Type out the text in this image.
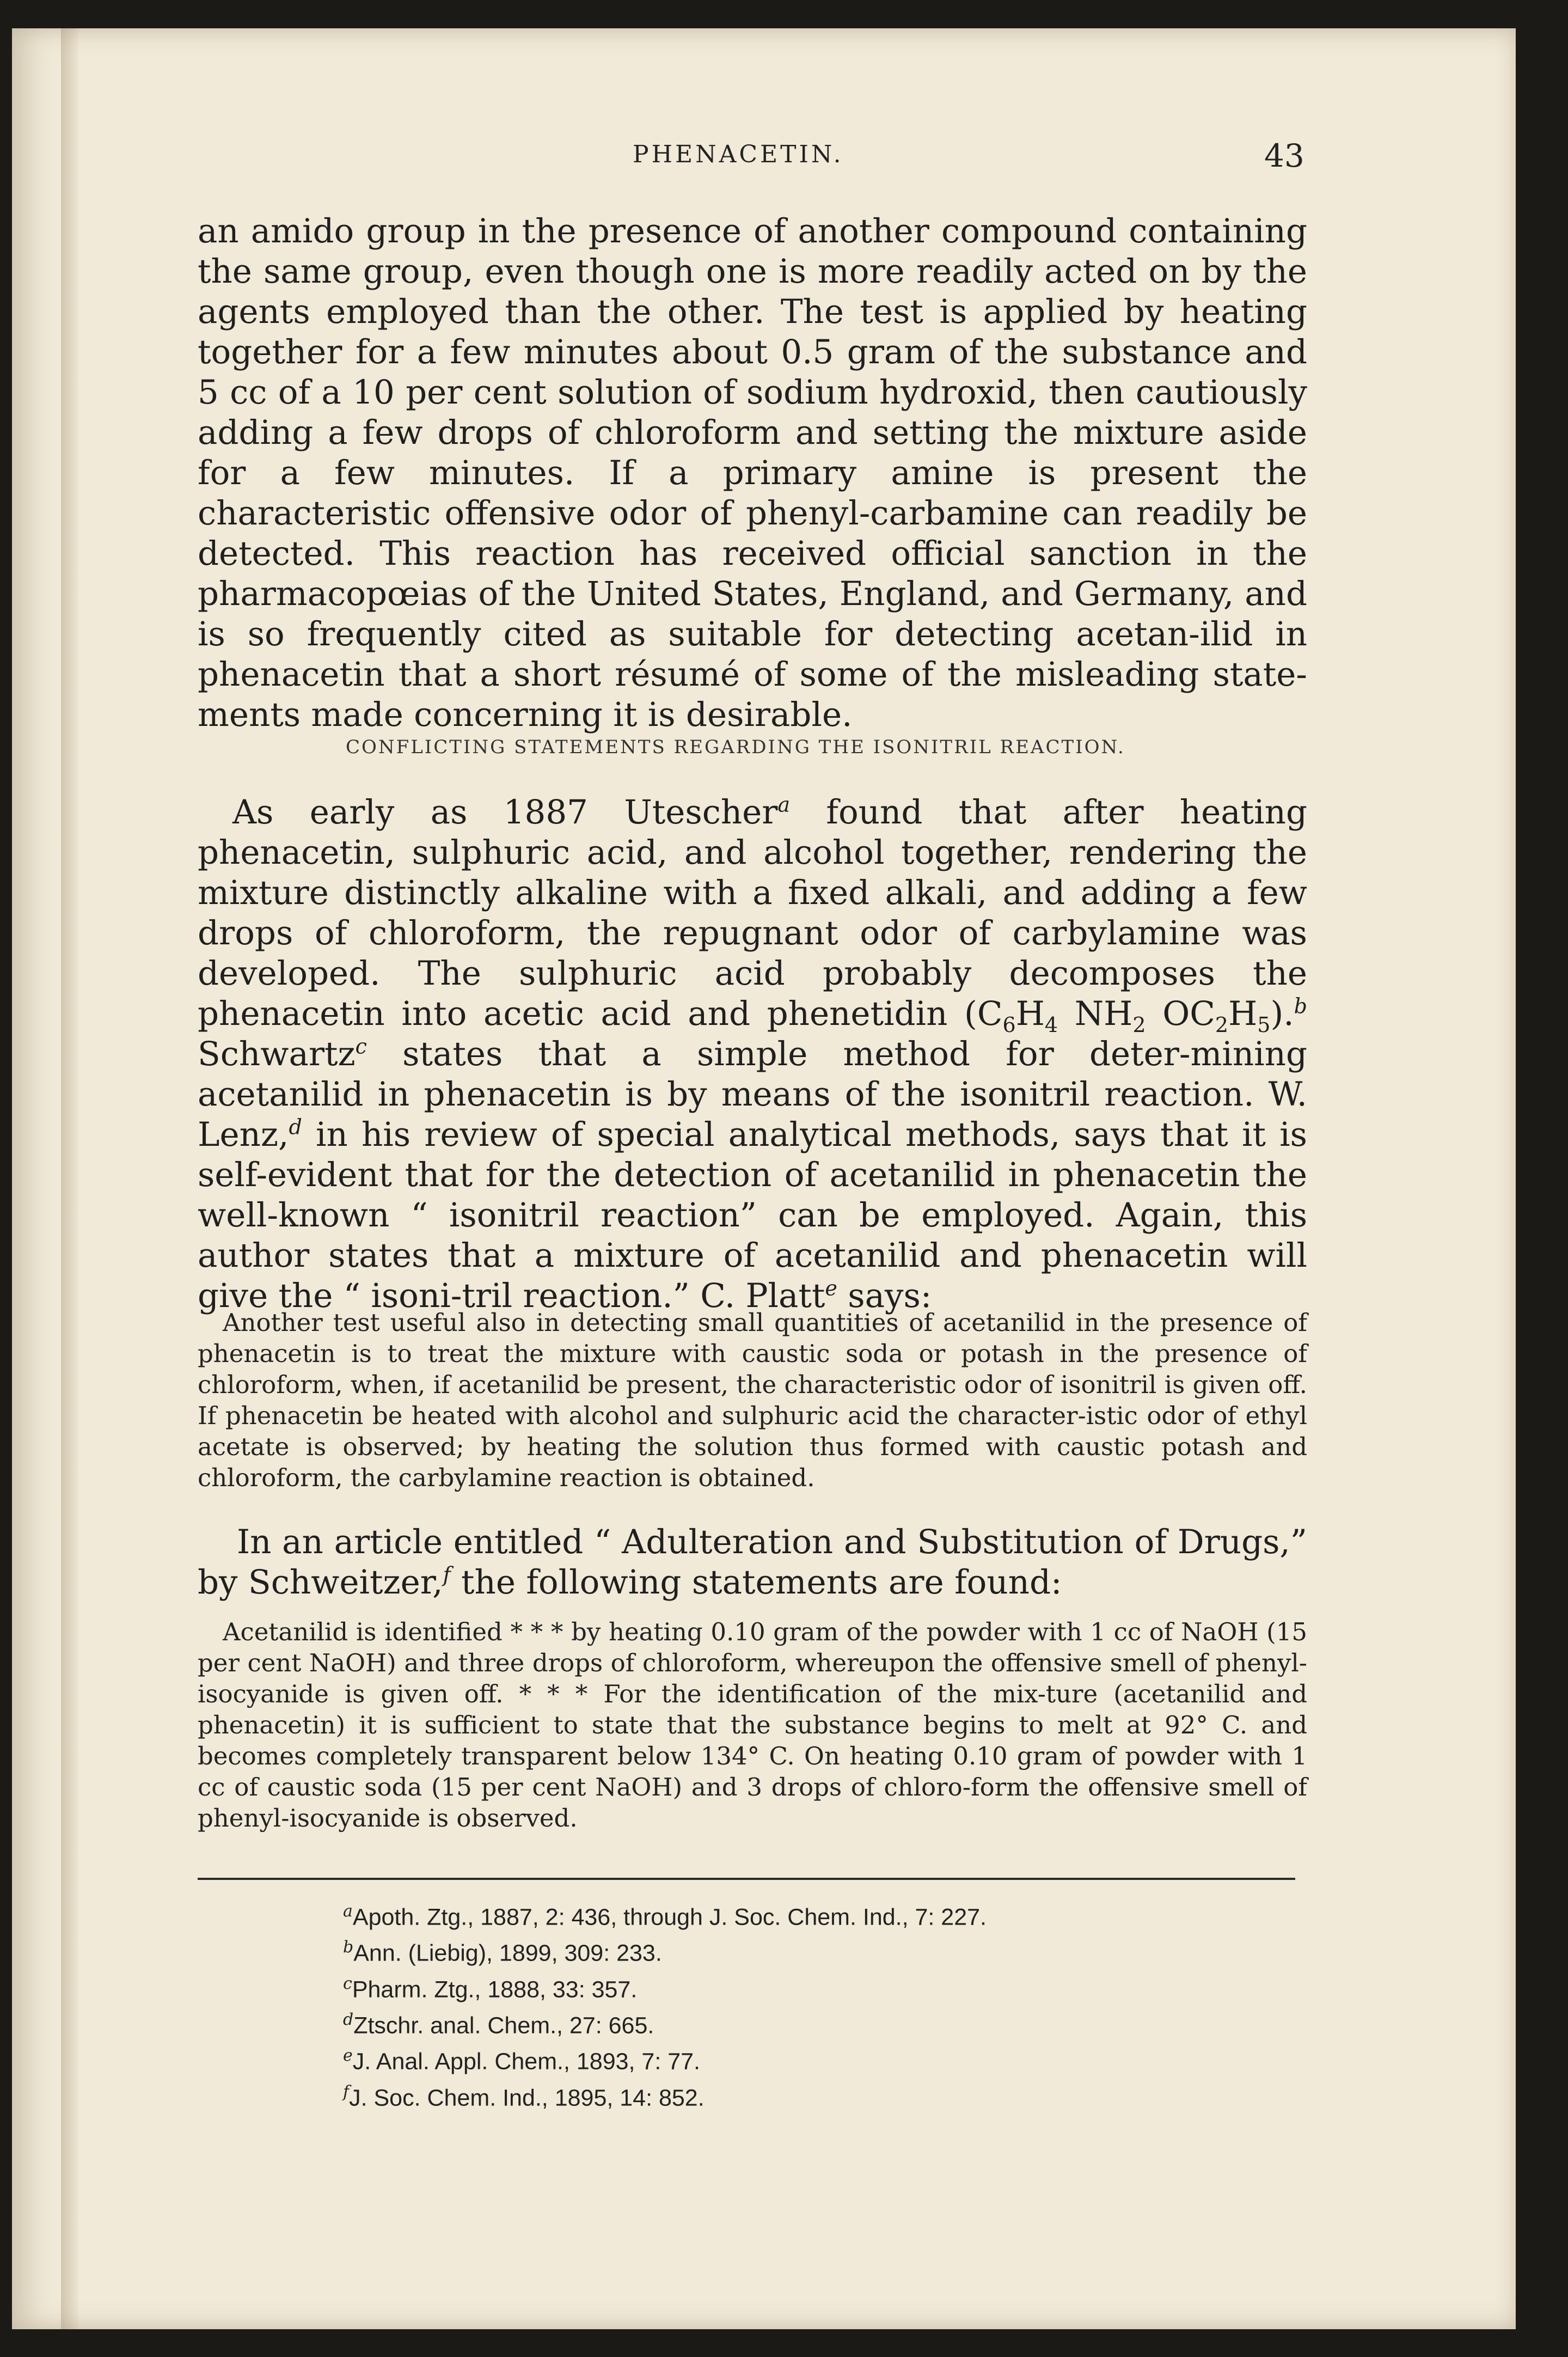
PHENACETIN.	43

an amido group in the presence of another compound containing the same group, even though one is more readily acted on by the agents employed than the other. The test is applied by heating together for a few minutes about 0.5 gram of the substance and 5 cc of a 10 per cent solution of sodium hydroxid, then cautiously adding a few drops of chloroform and setting the mixture aside for a few minutes. If a primary amine is present the characteristic offensive odor of phenyl-carbamine can readily be detected. This reaction has received official sanction in the pharmacopœias of the United States, England, and Germany, and is so frequently cited as suitable for detecting acetan-ilid in phenacetin that a short résumé of some of the misleading state-ments made concerning it is desirable.

CONFLICTING STATEMENTS REGARDING THE ISONITRIL REACTION.

As early as 1887 Utescher$^a$ found that after heating phenacetin, sulphuric acid, and alcohol together, rendering the mixture distinctly alkaline with a fixed alkali, and adding a few drops of chloroform, the repugnant odor of carbylamine was developed. The sulphuric acid probably decomposes the phenacetin into acetic acid and phenetidin ($C_6H_4$ $NH_2$ $OC_2H_5).^b$ Schwartz$^c$ states that a simple method for deter-mining acetanilid in phenacetin is by means of the isonitril reaction. W. Lenz,$^d$ in his review of special analytical methods, says that it is self-evident that for the detection of acetanilid in phenacetin the well-known “ isonitril reaction” can be employed. Again, this author states that a mixture of acetanilid and phenacetin will give the “ isoni-tril reaction.” C. Platt$^e$ says:

Another test useful also in detecting small quantities of acetanilid in the presence of phenacetin is to treat the mixture with caustic soda or potash in the presence of chloroform, when, if acetanilid be present, the characteristic odor of isonitril is given off. If phenacetin be heated with alcohol and sulphuric acid the character-istic odor of ethyl acetate is observed; by heating the solution thus formed with caustic potash and chloroform, the carbylamine reaction is obtained.

In an article entitled “ Adulteration and Substitution of Drugs,” by Schweitzer,$^f$ the following statements are found:

Acetanilid is identified * * * by heating 0.10 gram of the powder with 1 cc of NaOH (15 per cent NaOH) and three drops of chloroform, whereupon the offensive smell of phenyl-isocyanide is given off. * * * For the identification of the mix-ture (acetanilid and phenacetin) it is sufficient to state that the substance begins to melt at 92° C. and becomes completely transparent below 134° C. On heating 0.10 gram of powder with 1 cc of caustic soda (15 per cent NaOH) and 3 drops of chloro-form the offensive smell of phenyl-isocyanide is observed.

$^a$Apoth. Ztg., 1887, 2: 436, through J. Soc. Chem. Ind., 7: 227.
$^b$Ann. (Liebig), 1899, 309: 233.
$^c$Pharm. Ztg., 1888, 33: 357.
$^d$Ztschr. anal. Chem., 27: 665.
$^e$J. Anal. Appl. Chem., 1893, 7: 77.
$^f$J. Soc. Chem. Ind., 1895, 14: 852.
